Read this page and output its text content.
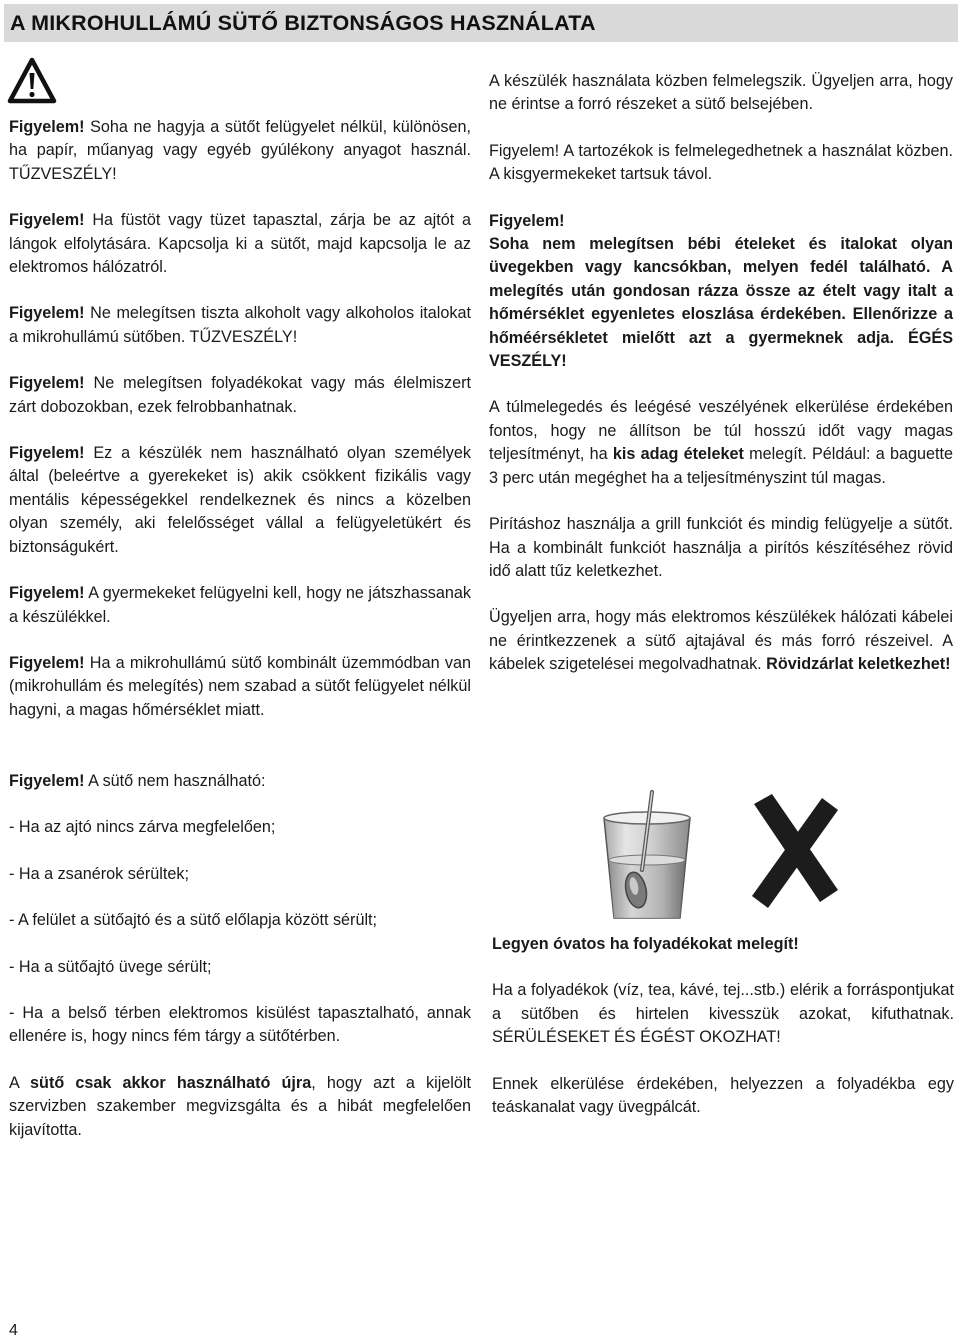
A MIKROHULLÁMÚ SÜTŐ BIZTONSÁGOS HASZNÁLATA

Figyelem! Soha ne hagyja a sütőt felügyelet nélkül, különösen, ha papír, műanyag vagy egyéb gyúlékony anyagot használ. TŰZVESZÉLY!

Figyelem! Ha füstöt vagy tüzet tapasztal, zárja be az ajtót a lángok elfolytására. Kapcsolja ki a sütőt, majd kapcsolja le az elektromos hálózatról.

Figyelem! Ne melegítsen tiszta alkoholt vagy alkoholos italokat a mikrohullámú sütőben. TŰZVESZÉLY!

Figyelem! Ne melegítsen folyadékokat vagy más élelmiszert zárt dobozokban, ezek felrobbanhatnak.

Figyelem! Ez a készülék nem használható olyan személyek által (beleértve a gyerekeket is) akik csökkent fizikális vagy mentális képességekkel rendelkeznek és nincs a közelben olyan személy, aki felelősséget vállal a felügyeletükért és biztonságukért.

Figyelem! A gyermekeket felügyelni kell, hogy ne játszhassanak a készülékkel.

Figyelem! Ha a mikrohullámú sütő kombinált üzemmódban van (mikrohullám és melegítés) nem szabad a sütőt felügyelet nélkül hagyni, a magas hőmérséklet miatt.

A készülék használata közben felmelegszik. Ügyeljen arra, hogy ne érintse a forró részeket a sütő belsejében.

Figyelem! A tartozékok is felmelegedhetnek a használat közben. A kisgyermekeket tartsuk távol.

Figyelem!
Soha nem melegítsen bébi ételeket és italokat olyan üvegekben vagy kancsókban, melyen fedél található. A melegítés után gondosan rázza össze az ételt vagy italt a hőmérséklet egyenletes eloszlása érdekében. Ellenőrizze a hőméérsékletet mielőtt azt a gyermeknek adja. ÉGÉS VESZÉLY!

A túlmelegedés és leégésé veszélyének elkerülése érdekében fontos, hogy ne állítson be túl hosszú időt vagy magas teljesítményt, ha kis adag ételeket melegít. Például: a baguette 3 perc után megéghet ha a teljesítményszint túl magas.

Pirításhoz használja a grill funkciót és mindig felügyelje a sütőt. Ha a kombinált funkciót használja a pirítós készítéséhez rövid idő alatt tűz keletkezhet.

Ügyeljen arra, hogy más elektromos készülékek hálózati kábelei ne érintkezzenek a sütő ajtajával és más forró részeivel. A kábelek szigetelései megolvadhatnak. Rövidzárlat keletkezhet!

Figyelem! A sütő nem használható:

- Ha az ajtó nincs zárva megfelelően;

- Ha a zsanérok sérültek;

- A felület a sütőajtó és a sütő előlapja között sérült;

- Ha a sütőajtó üvege sérült;

- Ha a belső térben elektromos kisülést tapasztalható, annak ellenére is, hogy nincs fém tárgy a sütőtérben.

A sütő csak akkor használható újra, hogy azt a kijelölt szervizben szakember megvizsgálta és a hibát megfelelően kijavította.

Legyen óvatos ha folyadékokat melegít!

Ha a folyadékok (víz, tea, kávé, tej...stb.) elérik a forráspontjukat a sütőben és hirtelen kivesszük azokat, kifuthatnak. SÉRÜLÉSEKET ÉS ÉGÉST OKOZHAT!

Ennek elkerülése érdekében, helyezzen a folyadékba egy teáskanalat vagy üvegpálcát.

4
